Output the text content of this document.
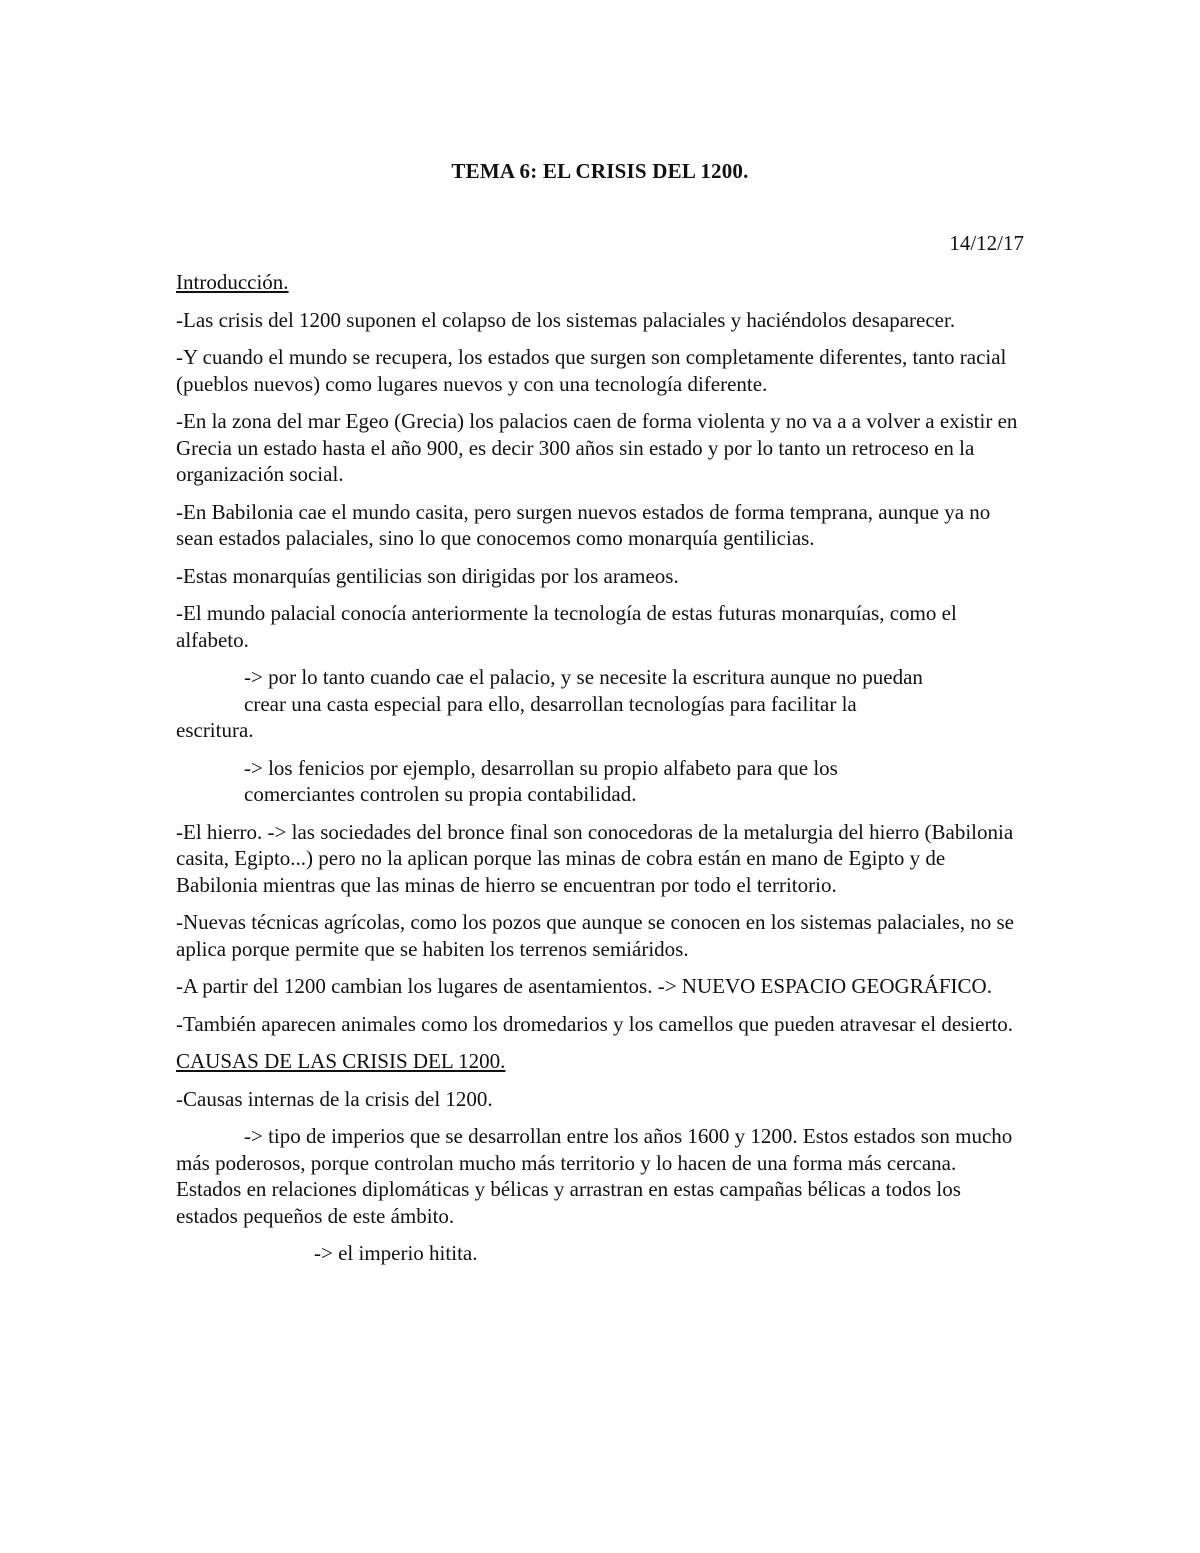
TEMA 6: EL CRISIS DEL 1200.
14/12/17

Introducción.

-Las crisis del 1200 suponen el colapso de los sistemas palaciales y haciéndolos desaparecer.

-Y cuando el mundo se recupera, los estados que surgen son completamente diferentes, tanto racial (pueblos nuevos) como lugares nuevos y con una tecnología diferente.

-En la zona del mar Egeo (Grecia) los palacios caen de forma violenta y no va a a volver a existir en Grecia un estado hasta el año 900, es decir 300 años sin estado y por lo tanto un retroceso en la organización social.

-En Babilonia cae el mundo casita, pero surgen nuevos estados de forma temprana, aunque ya no sean estados palaciales, sino lo que conocemos como monarquía gentilicias.

-Estas monarquías gentilicias son dirigidas por los arameos.

-El mundo palacial conocía anteriormente la tecnología de estas futuras monarquías, como el alfabeto.

-> por lo tanto cuando cae el palacio, y se necesite la escritura aunque no puedan
crear una casta especial para ello, desarrollan tecnologías para facilitar la
escritura.

-> los fenicios por ejemplo, desarrollan su propio alfabeto para que los
comerciantes controlen su propia contabilidad.

-El hierro. -> las sociedades del bronce final son conocedoras de la metalurgia del hierro (Babilonia casita, Egipto...) pero no la aplican porque las minas de cobra están en mano de Egipto y de Babilonia mientras que las minas de hierro se encuentran por todo el territorio.

-Nuevas técnicas agrícolas, como los pozos que aunque se conocen en los sistemas palaciales, no se aplica porque permite que se habiten los terrenos semiáridos.

-A partir del 1200 cambian los lugares de asentamientos. -> NUEVO ESPACIO GEOGRÁFICO.

-También aparecen animales como los dromedarios y los camellos que pueden atravesar el desierto.

CAUSAS DE LAS CRISIS DEL 1200.

-Causas internas de la crisis del 1200.

-> tipo de imperios que se desarrollan entre los años 1600 y 1200. Estos estados son mucho más poderosos, porque controlan mucho más territorio y lo hacen de una forma más cercana. Estados en relaciones diplomáticas y bélicas y arrastran en estas campañas bélicas a todos los estados pequeños de este ámbito.

-> el imperio hitita.
